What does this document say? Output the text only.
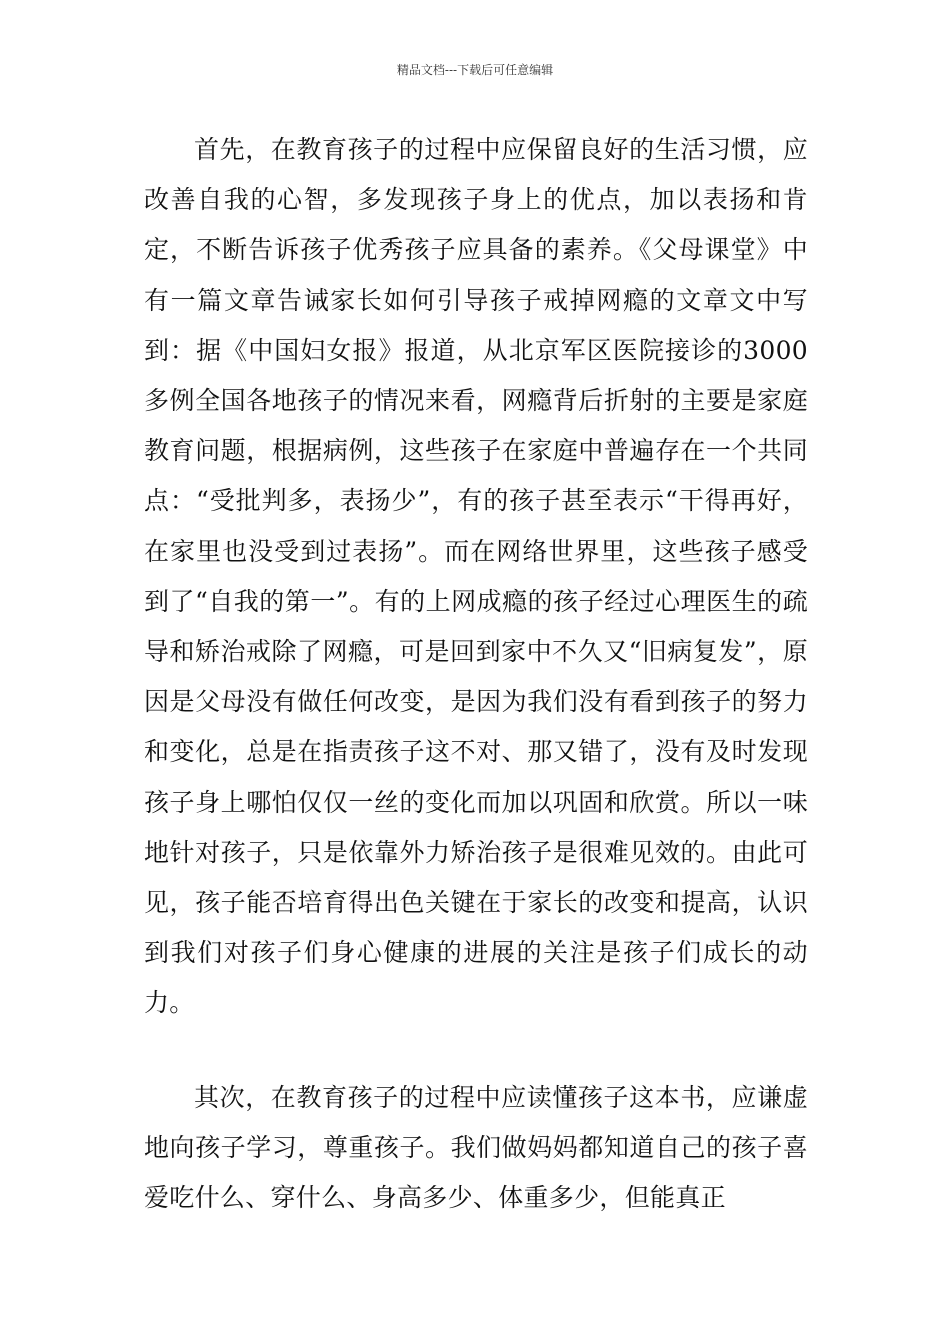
精品文档---下载后可任意编辑

首先，在教育孩子的过程中应保留良好的生活习惯，应改善自我的心智，多发现孩子身上的优点，加以表扬和肯定，不断告诉孩子优秀孩子应具备的素养。《父母课堂》中有一篇文章告诫家长如何引导孩子戒掉网瘾的文章文中写到：据《中国妇女报》报道，从北京军区医院接诊的3000多例全国各地孩子的情况来看，网瘾背后折射的主要是家庭教育问题，根据病例，这些孩子在家庭中普遍存在一个共同点：“受批判多，表扬少”，有的孩子甚至表示“干得再好，在家里也没受到过表扬”。而在网络世界里，这些孩子感受到了“自我的第一”。有的上网成瘾的孩子经过心理医生的疏导和矫治戒除了网瘾，可是回到家中不久又“旧病复发”，原因是父母没有做任何改变，是因为我们没有看到孩子的努力和变化，总是在指责孩子这不对、那又错了，没有及时发现孩子身上哪怕仅仅一丝的变化而加以巩固和欣赏。所以一味地针对孩子，只是依靠外力矫治孩子是很难见效的。由此可见，孩子能否培育得出色关键在于家长的改变和提高，认识到我们对孩子们身心健康的进展的关注是孩子们成长的动力。

其次，在教育孩子的过程中应读懂孩子这本书，应谦虚地向孩子学习，尊重孩子。我们做妈妈都知道自己的孩子喜爱吃什么、穿什么、身高多少、体重多少，但能真正
